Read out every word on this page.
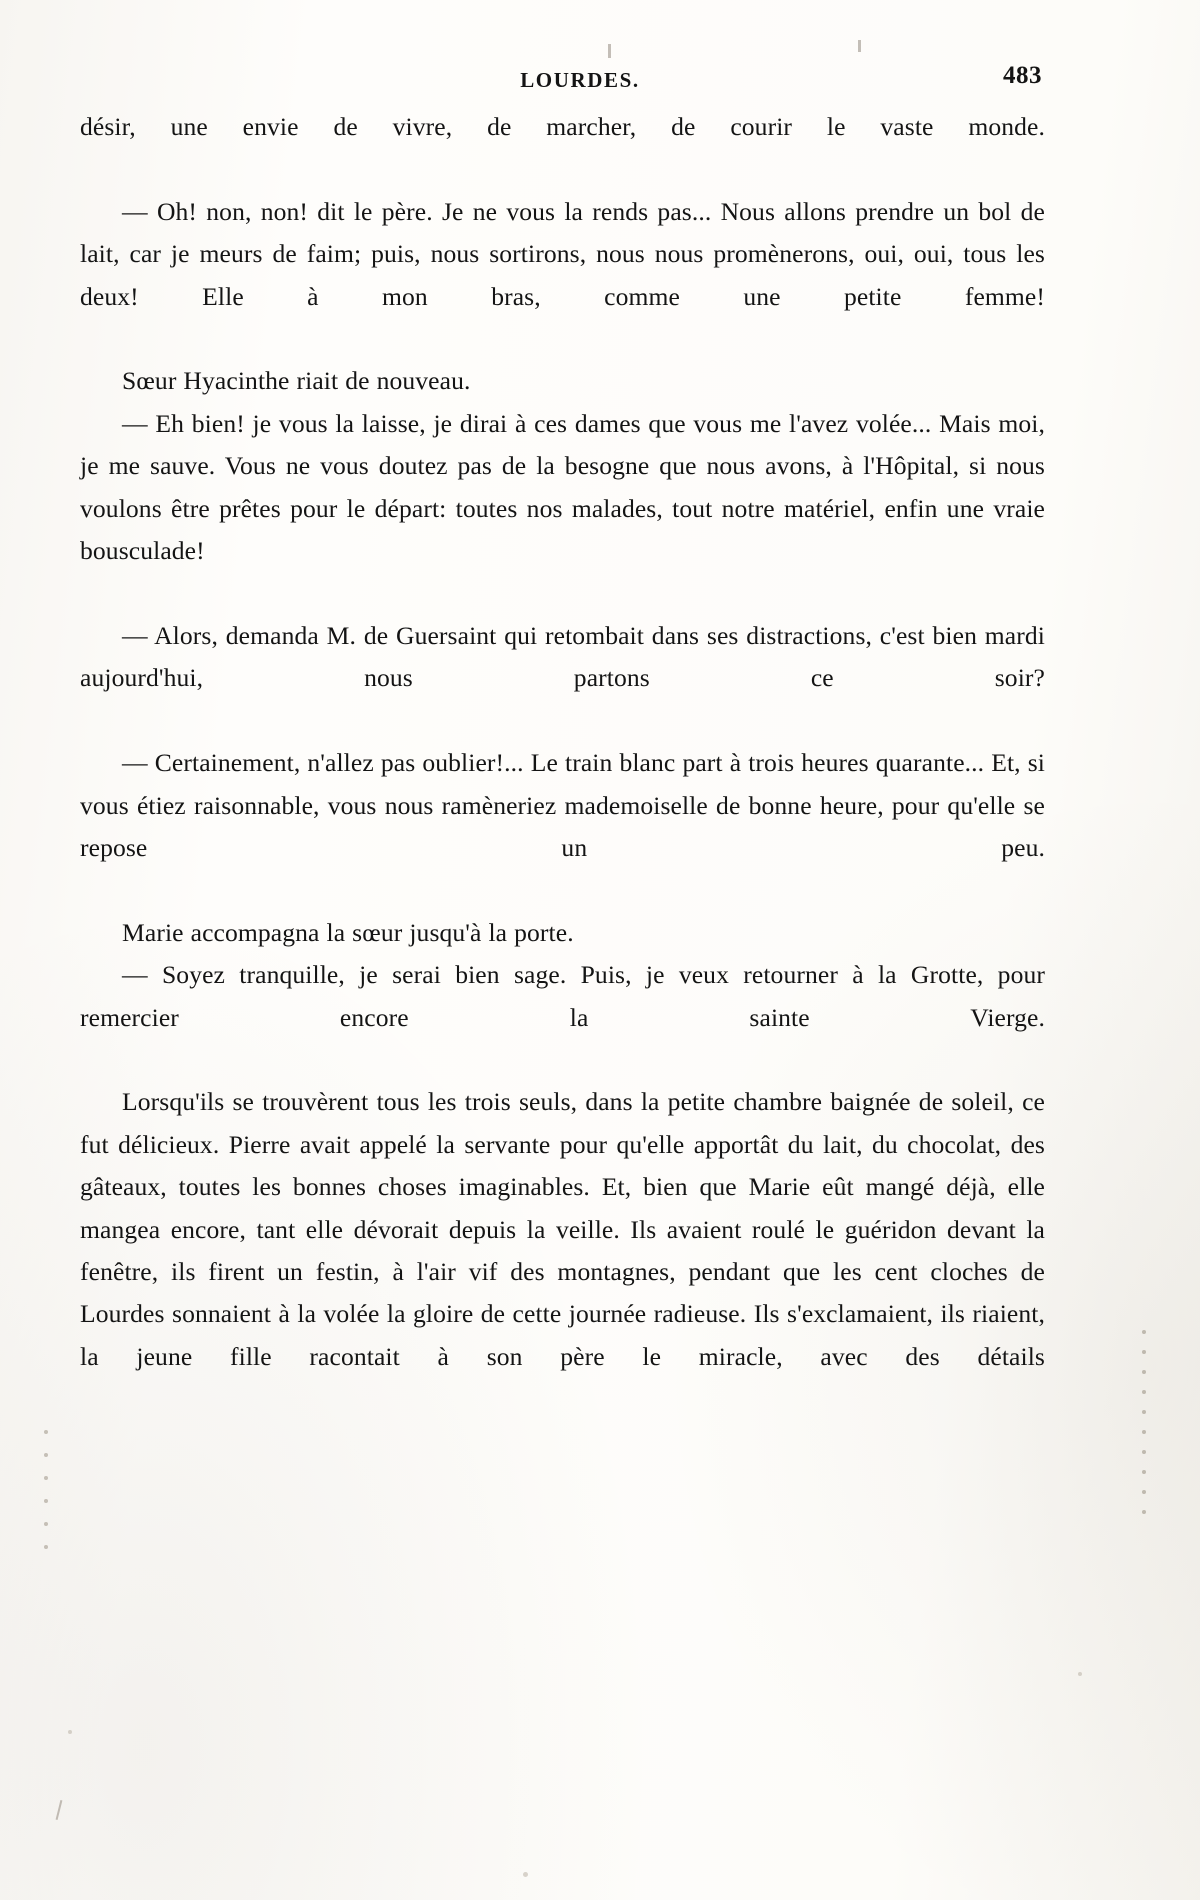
LOURDES.	483

désir, une envie de vivre, de marcher, de courir le vaste monde.

— Oh! non, non! dit le père. Je ne vous la rends pas... Nous allons prendre un bol de lait, car je meurs de faim; puis, nous sortirons, nous nous promènerons, oui, oui, tous les deux! Elle à mon bras, comme une petite femme!

Sœur Hyacinthe riait de nouveau.

— Eh bien! je vous la laisse, je dirai à ces dames que vous me l'avez volée... Mais moi, je me sauve. Vous ne vous doutez pas de la besogne que nous avons, à l'Hôpital, si nous voulons être prêtes pour le départ: toutes nos malades, tout notre matériel, enfin une vraie bousculade!

— Alors, demanda M. de Guersaint qui retombait dans ses distractions, c'est bien mardi aujourd'hui, nous partons ce soir?

— Certainement, n'allez pas oublier!... Le train blanc part à trois heures quarante... Et, si vous étiez raisonnable, vous nous ramèneriez mademoiselle de bonne heure, pour qu'elle se repose un peu.

Marie accompagna la sœur jusqu'à la porte.

— Soyez tranquille, je serai bien sage. Puis, je veux retourner à la Grotte, pour remercier encore la sainte Vierge.

Lorsqu'ils se trouvèrent tous les trois seuls, dans la petite chambre baignée de soleil, ce fut délicieux. Pierre avait appelé la servante pour qu'elle apportât du lait, du chocolat, des gâteaux, toutes les bonnes choses imaginables. Et, bien que Marie eût mangé déjà, elle mangea encore, tant elle dévorait depuis la veille. Ils avaient roulé le guéridon devant la fenêtre, ils firent un festin, à l'air vif des montagnes, pendant que les cent cloches de Lourdes sonnaient à la volée la gloire de cette journée radieuse. Ils s'exclamaient, ils riaient, la jeune fille racontait à son père le miracle, avec des détails
